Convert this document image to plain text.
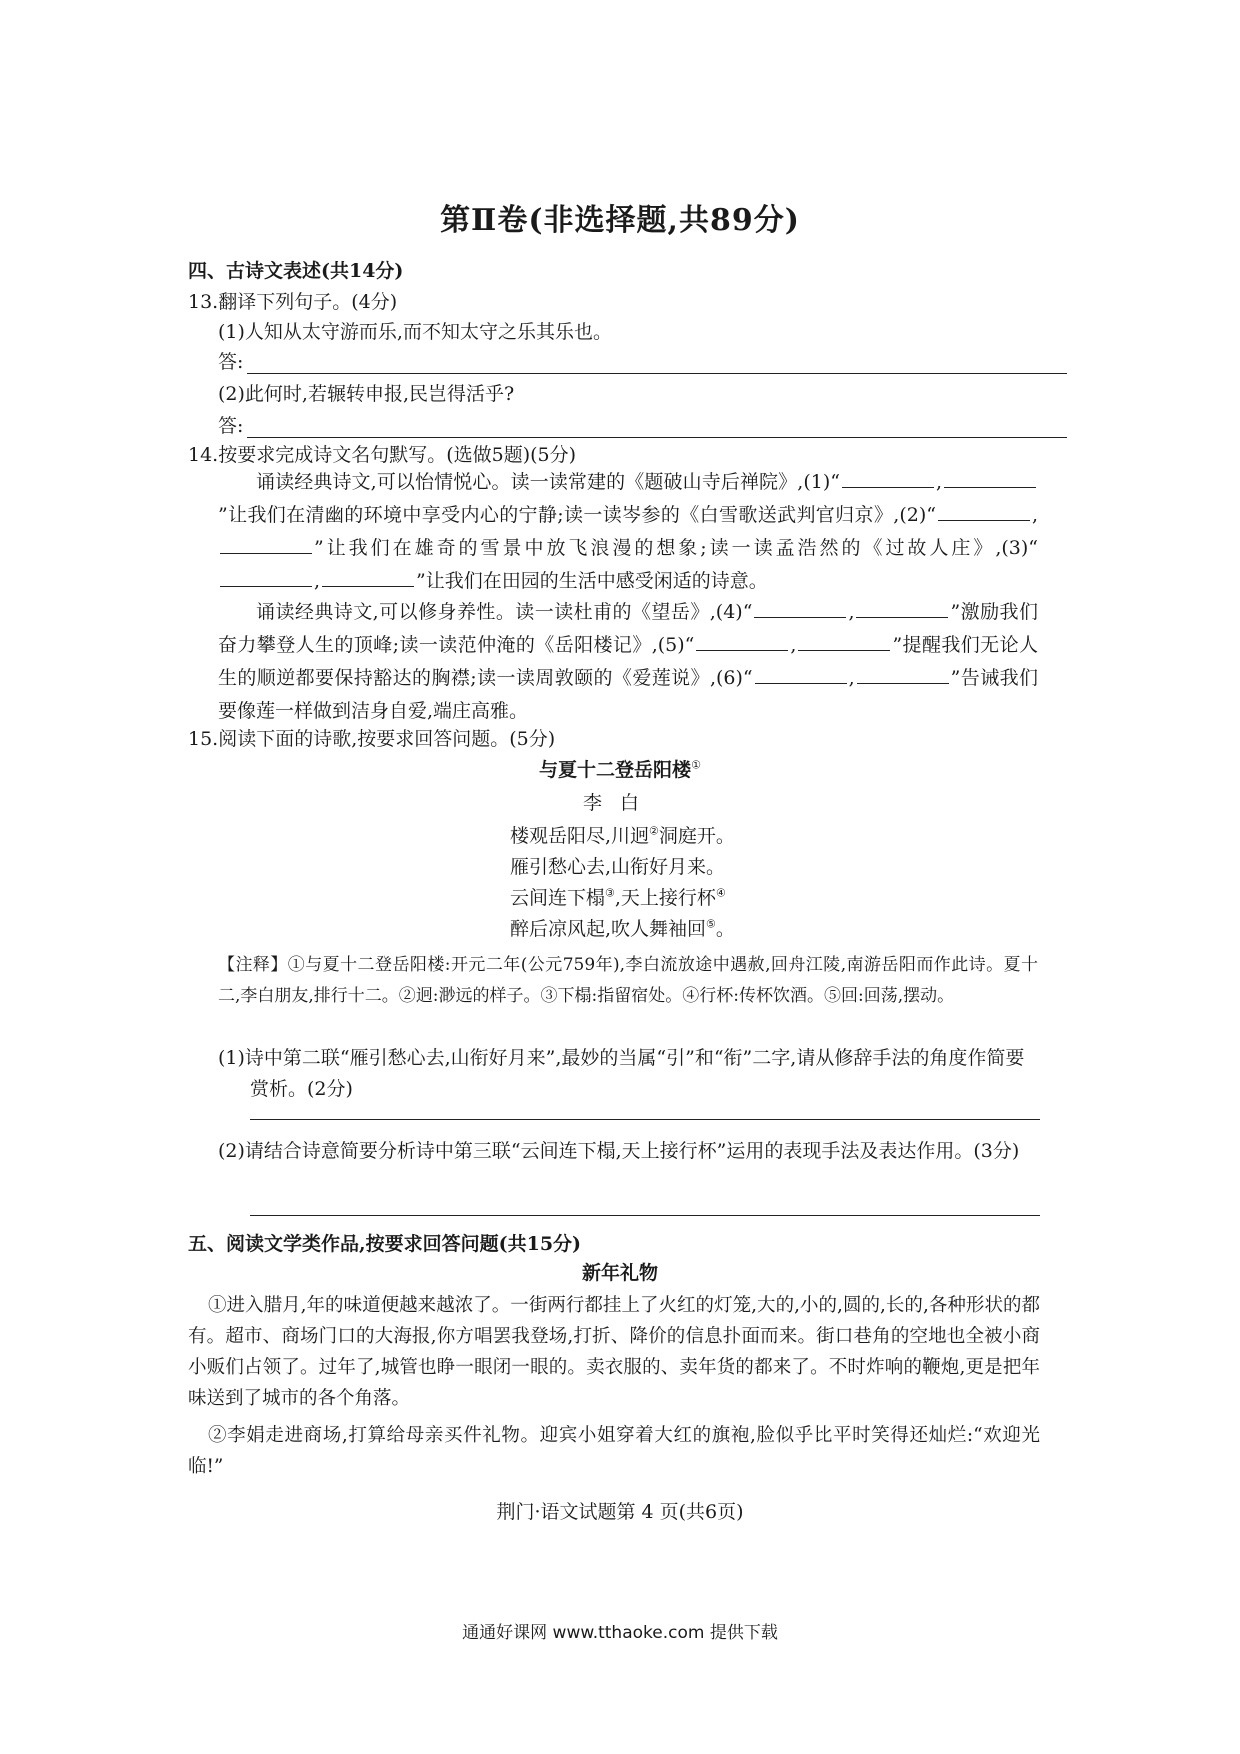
第Ⅱ卷(非选择题,共89分)
四、古诗文表述(共14分)
13.翻译下列句子。(4分)
(1)人知从太守游而乐,而不知太守之乐其乐也。
答:
(2)此何时,若辗转申报,民岂得活乎?
答:
14.按要求完成诗文名句默写。(选做5题)(5分)
诵读经典诗文,可以怡情悦心。读一读常建的《题破山寺后禅院》,(1)“	,”让我们在清幽的环境中享受内心的宁静;读一读岑参的《白雪歌送武判官归京》,(2)“	,”让我们在雄奇的雪景中放飞浪漫的想象;读一读孟浩然的《过故人庄》,(3)“,	”让我们在田园的生活中感受闲适的诗意。
诵读经典诗文,可以修身养性。读一读杜甫的《望岳》,(4)“	,	”激励我们奋力攀登人生的顶峰;读一读范仲淹的《岳阳楼记》,(5)“	,	”提醒我们无论人生的顺逆都要保持豁达的胸襟;读一读周敦颐的《爱莲说》,(6)“	,	”告诫我们要像莲一样做到洁身自爱,端庄高雅。
15.阅读下面的诗歌,按要求回答问题。(5分)
与夏十二登岳阳楼①
李白
楼观岳阳尽,川迥②洞庭开。
雁引愁心去,山衔好月来。
云间连下榻③,天上接行杯④
醉后凉风起,吹人舞袖回⑤。
【注释】①与夏十二登岳阳楼:开元二年(公元759年),李白流放途中遇赦,回舟江陵,南游岳阳而作此诗。夏十二,李白朋友,排行十二。②迥:渺远的样子。③下榻:指留宿处。④行杯:传杯饮酒。⑤回:回荡,摆动。
(1)诗中第二联“雁引愁心去,山衔好月来”,最妙的当属“引”和“衔”二字,请从修辞手法的角度作简要赏析。(2分)
(2)请结合诗意简要分析诗中第三联“云间连下榻,天上接行杯”运用的表现手法及表达作用。(3分)
五、阅读文学类作品,按要求回答问题(共15分)
新年礼物
①进入腊月,年的味道便越来越浓了。一街两行都挂上了火红的灯笼,大的,小的,圆的,长的,各种形状的都有。超市、商场门口的大海报,你方唱罢我登场,打折、降价的信息扑面而来。街口巷角的空地也全被小商小贩们占领了。过年了,城管也睁一眼闭一眼的。卖衣服的、卖年货的都来了。不时炸响的鞭炮,更是把年味送到了城市的各个角落。
②李娟走进商场,打算给母亲买件礼物。迎宾小姐穿着大红的旗袍,脸似乎比平时笑得还灿烂:“欢迎光临!”
荆门·语文试题第 4 页(共6页)
通通好课网 www.tthaoke.com 提供下载
